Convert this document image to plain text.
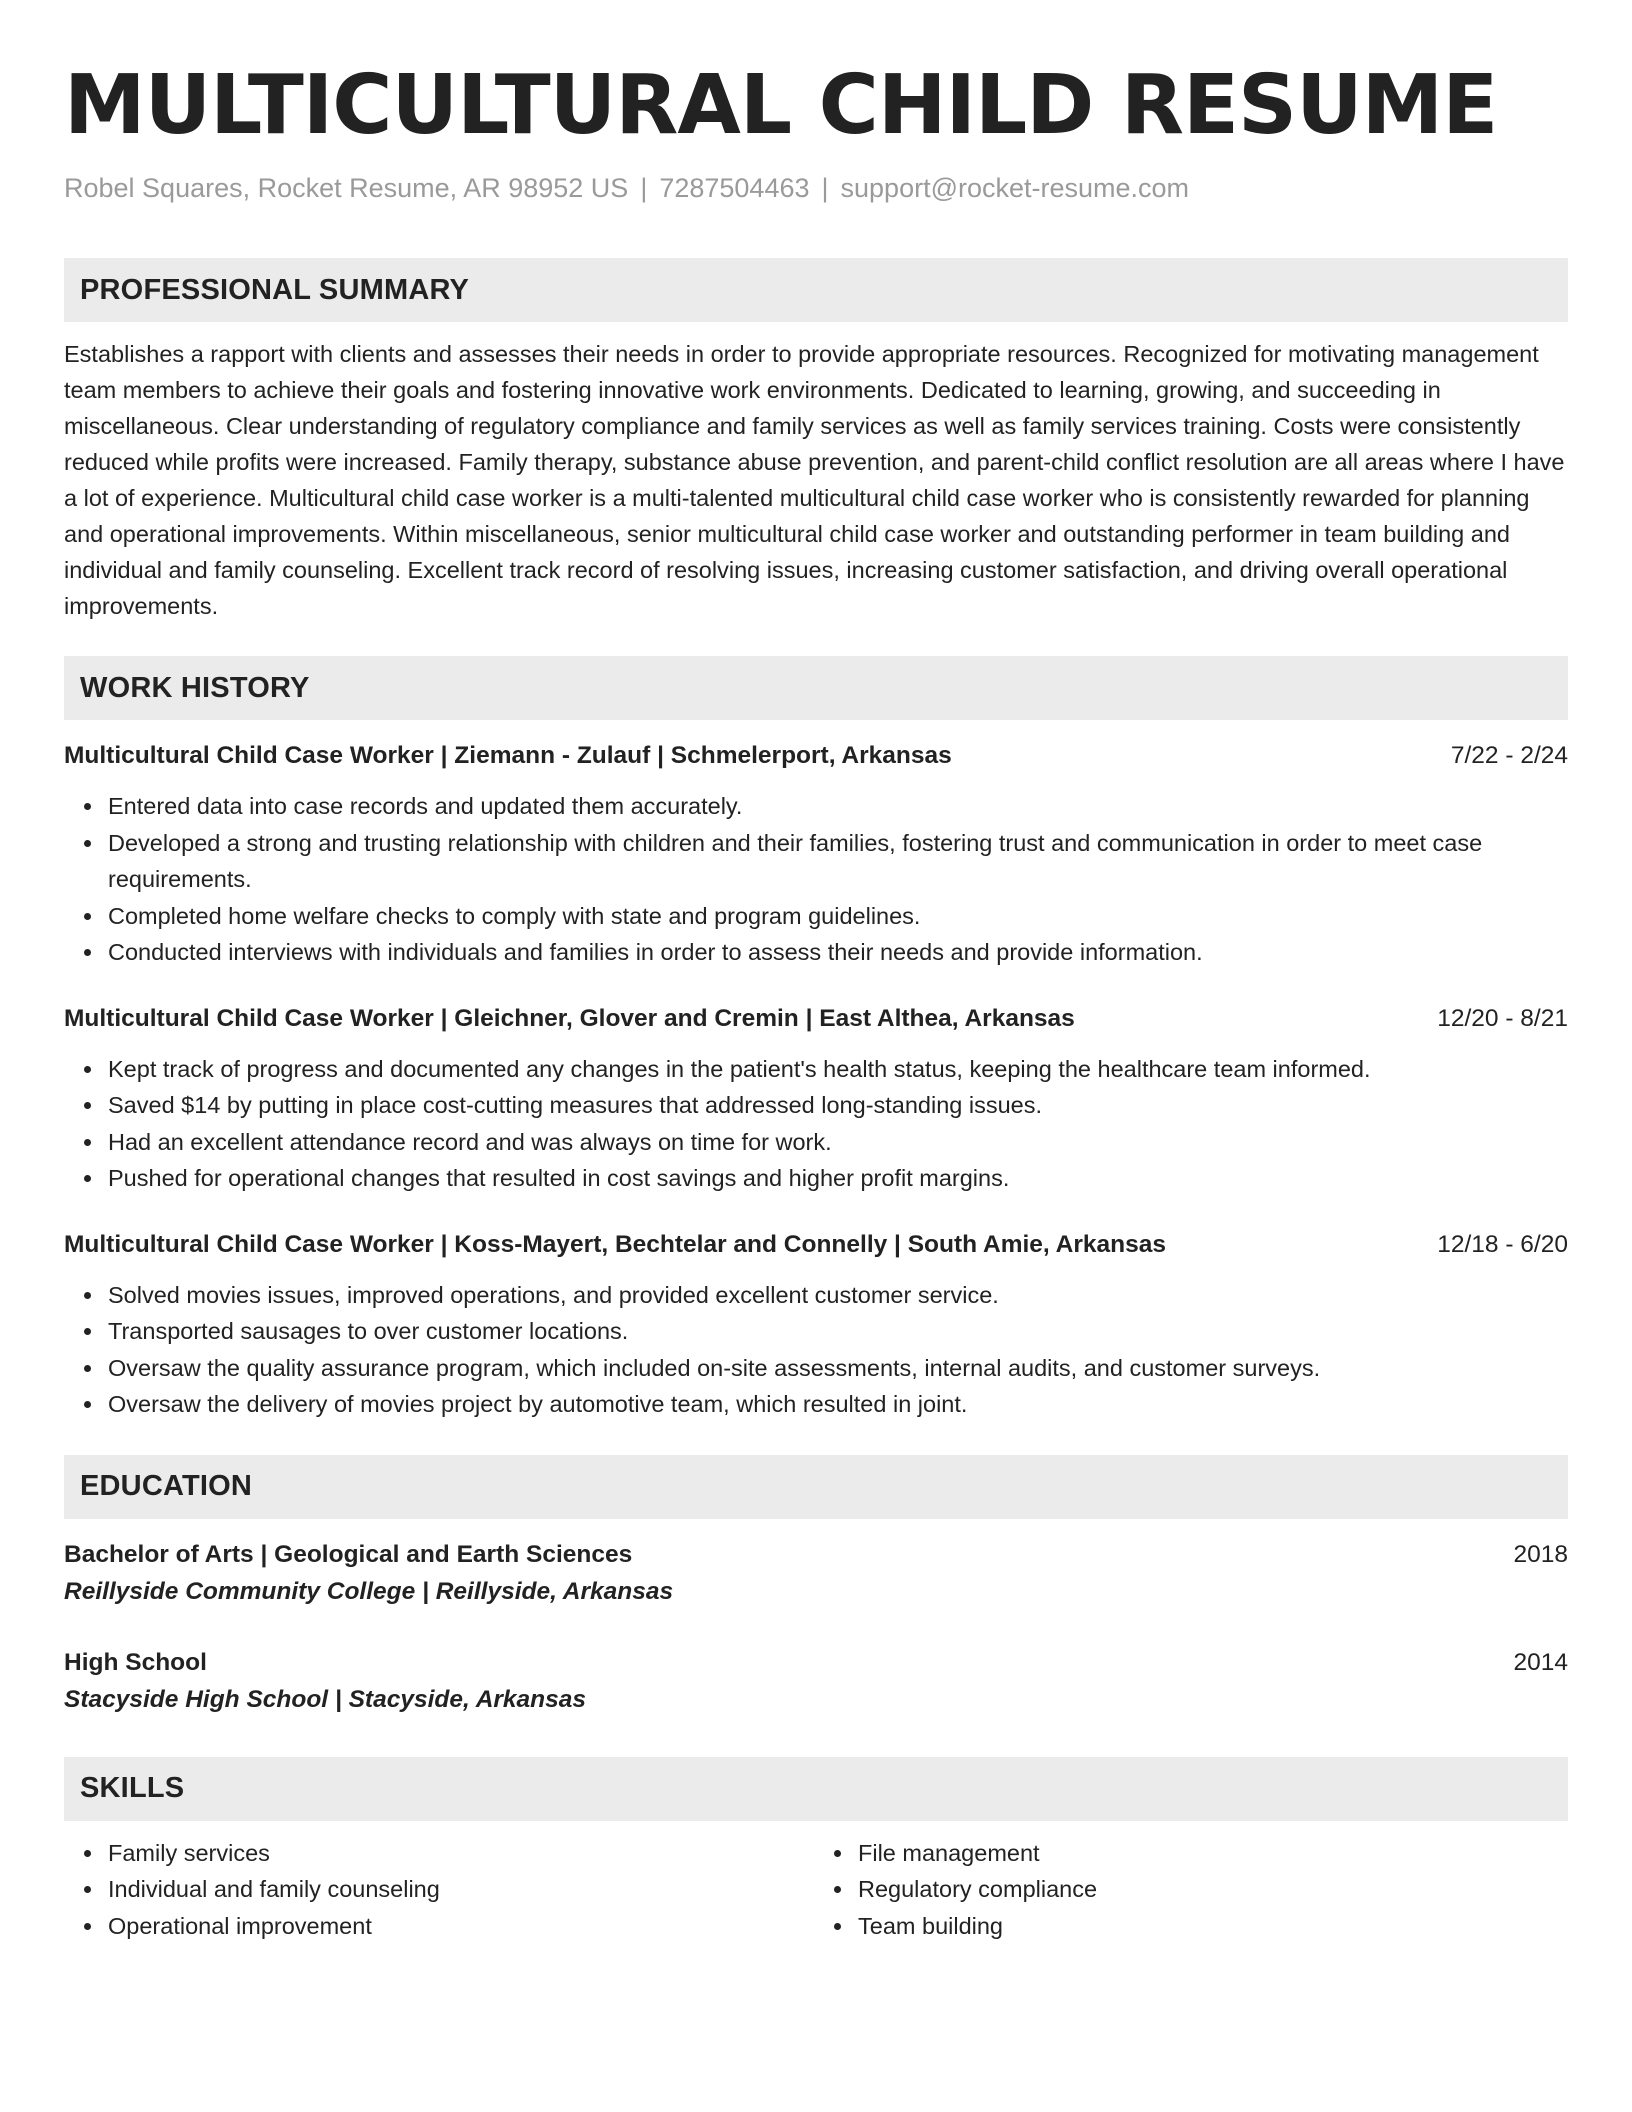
MULTICULTURAL CHILD RESUME
Robel Squares, Rocket Resume, AR 98952 US | 7287504463 | support@rocket-resume.com
PROFESSIONAL SUMMARY
Establishes a rapport with clients and assesses their needs in order to provide appropriate resources. Recognized for motivating management team members to achieve their goals and fostering innovative work environments. Dedicated to learning, growing, and succeeding in miscellaneous. Clear understanding of regulatory compliance and family services as well as family services training. Costs were consistently reduced while profits were increased. Family therapy, substance abuse prevention, and parent-child conflict resolution are all areas where I have a lot of experience. Multicultural child case worker is a multi-talented multicultural child case worker who is consistently rewarded for planning and operational improvements. Within miscellaneous, senior multicultural child case worker and outstanding performer in team building and individual and family counseling. Excellent track record of resolving issues, increasing customer satisfaction, and driving overall operational improvements.
WORK HISTORY
Multicultural Child Case Worker | Ziemann - Zulauf | Schmelerport, Arkansas	7/22 - 2/24
Entered data into case records and updated them accurately.
Developed a strong and trusting relationship with children and their families, fostering trust and communication in order to meet case requirements.
Completed home welfare checks to comply with state and program guidelines.
Conducted interviews with individuals and families in order to assess their needs and provide information.
Multicultural Child Case Worker | Gleichner, Glover and Cremin | East Althea, Arkansas	12/20 - 8/21
Kept track of progress and documented any changes in the patient's health status, keeping the healthcare team informed.
Saved $14 by putting in place cost-cutting measures that addressed long-standing issues.
Had an excellent attendance record and was always on time for work.
Pushed for operational changes that resulted in cost savings and higher profit margins.
Multicultural Child Case Worker | Koss-Mayert, Bechtelar and Connelly | South Amie, Arkansas	12/18 - 6/20
Solved movies issues, improved operations, and provided excellent customer service.
Transported sausages to over customer locations.
Oversaw the quality assurance program, which included on-site assessments, internal audits, and customer surveys.
Oversaw the delivery of movies project by automotive team, which resulted in joint.
EDUCATION
Bachelor of Arts | Geological and Earth Sciences	2018
Reillyside Community College | Reillyside, Arkansas
High School	2014
Stacyside High School | Stacyside, Arkansas
SKILLS
Family services
Individual and family counseling
Operational improvement
File management
Regulatory compliance
Team building
